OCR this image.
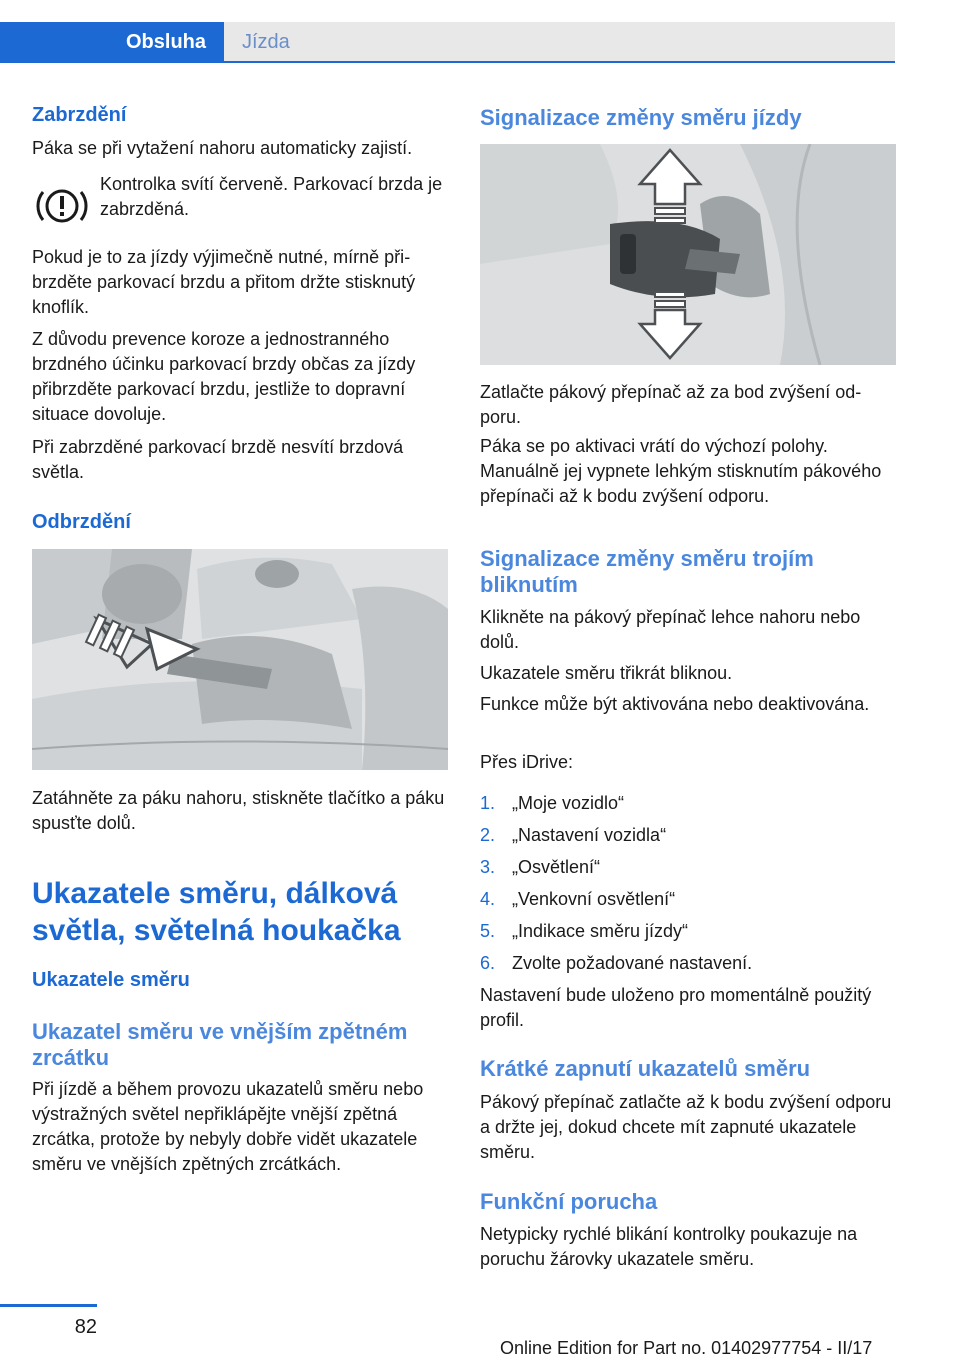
Obsluha Jízda
Zabrzdění
Páka se při vytažení nahoru automaticky zajistí.
Kontrolka svítí červeně. Parkovací brzda je zabrzděná.
Pokud je to za jízdy výjimečně nutné, mírně přibrzděte parkovací brzdu a přitom držte stisknutý knoflík.
Z důvodu prevence koroze a jednostranného brzdného účinku parkovací brzdy občas za jízdy přibrzděte parkovací brzdu, jestliže to dopravní situace dovoluje.
Při zabrzděné parkovací brzdě nesvítí brzdová světla.
Odbrzdění
Zatáhněte za páku nahoru, stiskněte tlačítko a páku spusťte dolů.
Ukazatele směru, dálková světla, světelná houkačka
Ukazatele směru
Ukazatel směru ve vnějším zpětném zrcátku
Při jízdě a během provozu ukazatelů směru nebo výstražných světel nepřiklápějte vnější zpětná zrcátka, protože by nebyly dobře vidět ukazatele směru ve vnějších zpětných zrcátkách.
Signalizace změny směru jízdy
Zatlačte pákový přepínač až za bod zvýšení odporu.
Páka se po aktivaci vrátí do výchozí polohy. Manuálně jej vypnete lehkým stisknutím pákového přepínači až k bodu zvýšení odporu.
Signalizace změny směru trojím bliknutím
Klikněte na pákový přepínač lehce nahoru nebo dolů.
Ukazatele směru třikrát bliknou.
Funkce může být aktivována nebo deaktivována.
Přes iDrive:
1. „Moje vozidlo“
2. „Nastavení vozidla“
3. „Osvětlení“
4. „Venkovní osvětlení“
5. „Indikace směru jízdy“
6. Zvolte požadované nastavení.
Nastavení bude uloženo pro momentálně použitý profil.
Krátké zapnutí ukazatelů směru
Pákový přepínač zatlačte až k bodu zvýšení odporu a držte jej, dokud chcete mít zapnuté ukazatele směru.
Funkční porucha
Netypicky rychlé blikání kontrolky poukazuje na poruchu žárovky ukazatele směru.
82
Online Edition for Part no. 01402977754 - II/17
